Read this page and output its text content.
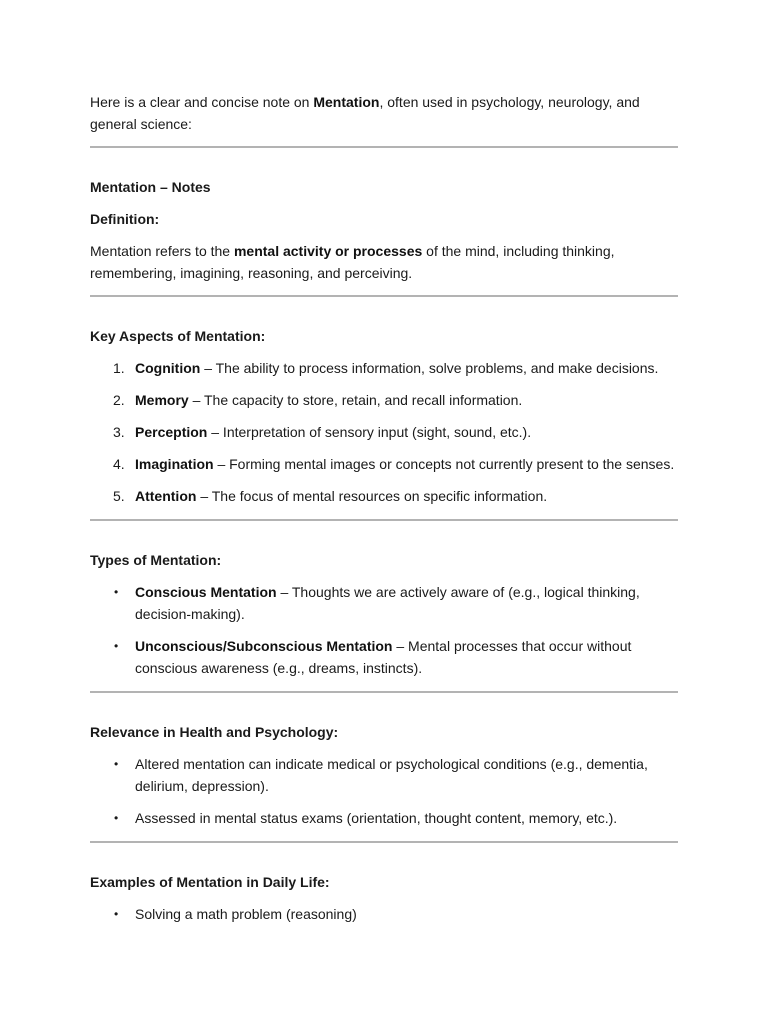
Here is a clear and concise note on Mentation, often used in psychology, neurology, and general science:

Mentation – Notes

Definition:

Mentation refers to the mental activity or processes of the mind, including thinking, remembering, imagining, reasoning, and perceiving.

Key Aspects of Mentation:

1. Cognition – The ability to process information, solve problems, and make decisions.
2. Memory – The capacity to store, retain, and recall information.
3. Perception – Interpretation of sensory input (sight, sound, etc.).
4. Imagination – Forming mental images or concepts not currently present to the senses.
5. Attention – The focus of mental resources on specific information.

Types of Mentation:

• Conscious Mentation – Thoughts we are actively aware of (e.g., logical thinking, decision-making).
• Unconscious/Subconscious Mentation – Mental processes that occur without conscious awareness (e.g., dreams, instincts).

Relevance in Health and Psychology:

• Altered mentation can indicate medical or psychological conditions (e.g., dementia, delirium, depression).
• Assessed in mental status exams (orientation, thought content, memory, etc.).

Examples of Mentation in Daily Life:

• Solving a math problem (reasoning)
